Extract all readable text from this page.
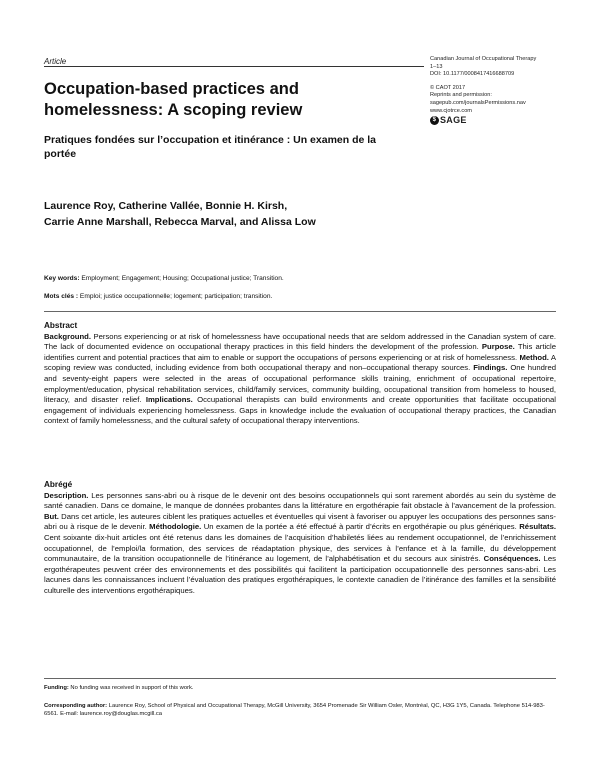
Article	Canadian Journal of Occupational Therapy
1–13
DOI: 10.1177/0008417416688709
© CAOT 2017
Reprints and permission:
sagepub.com/journalsPermissions.nav
www.cjotrce.com
$ SAGE
Occupation-based practices and homelessness: A scoping review
Pratiques fondées sur l’occupation et itinérance : Un examen de la portée
Laurence Roy, Catherine Vallée, Bonnie H. Kirsh,
Carrie Anne Marshall, Rebecca Marval, and Alissa Low
Key words: Employment; Engagement; Housing; Occupational justice; Transition.
Mots clés : Emploi; justice occupationnelle; logement; participation; transition.
Abstract
Background. Persons experiencing or at risk of homelessness have occupational needs that are seldom addressed in the Canadian system of care. The lack of documented evidence on occupational therapy practices in this field hinders the development of the profession. Purpose. This article identifies current and potential practices that aim to enable or support the occupations of persons experiencing or at risk of homelessness. Method. A scoping review was conducted, including evidence from both occupational therapy and non–occupational therapy sources. Findings. One hundred and seventy-eight papers were selected in the areas of occupational performance skills training, enrichment of occupational repertoire, employment/education, physical rehabilitation services, child/family services, community building, occupational transition from homeless to housed, literacy, and disaster relief. Implications. Occupational therapists can build environments and create opportunities that facilitate occupational engagement of individuals experiencing homelessness. Gaps in knowledge include the evaluation of occupational therapy practices, the Canadian context of family homelessness, and the cultural safety of occupational therapy interventions.
Abrégé
Description. Les personnes sans-abri ou à risque de le devenir ont des besoins occupationnels qui sont rarement abordés au sein du système de santé canadien. Dans ce domaine, le manque de données probantes dans la littérature en ergothérapie fait obstacle à l’avancement de la profession. But. Dans cet article, les auteures ciblent les pratiques actuelles et éventuelles qui visent à favoriser ou appuyer les occupations des personnes sans-abri ou à risque de le devenir. Méthodologie. Un examen de la portée a été effectué à partir d’écrits en ergothérapie ou plus génériques. Résultats. Cent soixante dix-huit articles ont été retenus dans les domaines de l’acquisition d’habiletés liées au rendement occupationnel, de l’enrichissement occupationnel, de l’emploi/la formation, des services de réadaptation physique, des services à l’enfance et à la famille, du développement communautaire, de la transition occupationnelle de l’itinérance au logement, de l’alphabétisation et du secours aux sinistrés. Conséquences. Les ergothérapeutes peuvent créer des environnements et des possibilités qui facilitent la participation occupationnelle des personnes sans-abri. Les lacunes dans les connaissances incluent l’évaluation des pratiques ergothérapiques, le contexte canadien de l’itinérance des familles et la sensibilité culturelle des interventions ergothérapiques.
Funding: No funding was received in support of this work.
Corresponding author: Laurence Roy, School of Physical and Occupational Therapy, McGill University, 3654 Promenade Sir William Osler, Montréal, QC, H3G 1Y5, Canada. Telephone 514-983-6561. E-mail: laurence.roy@douglas.mcgill.ca
